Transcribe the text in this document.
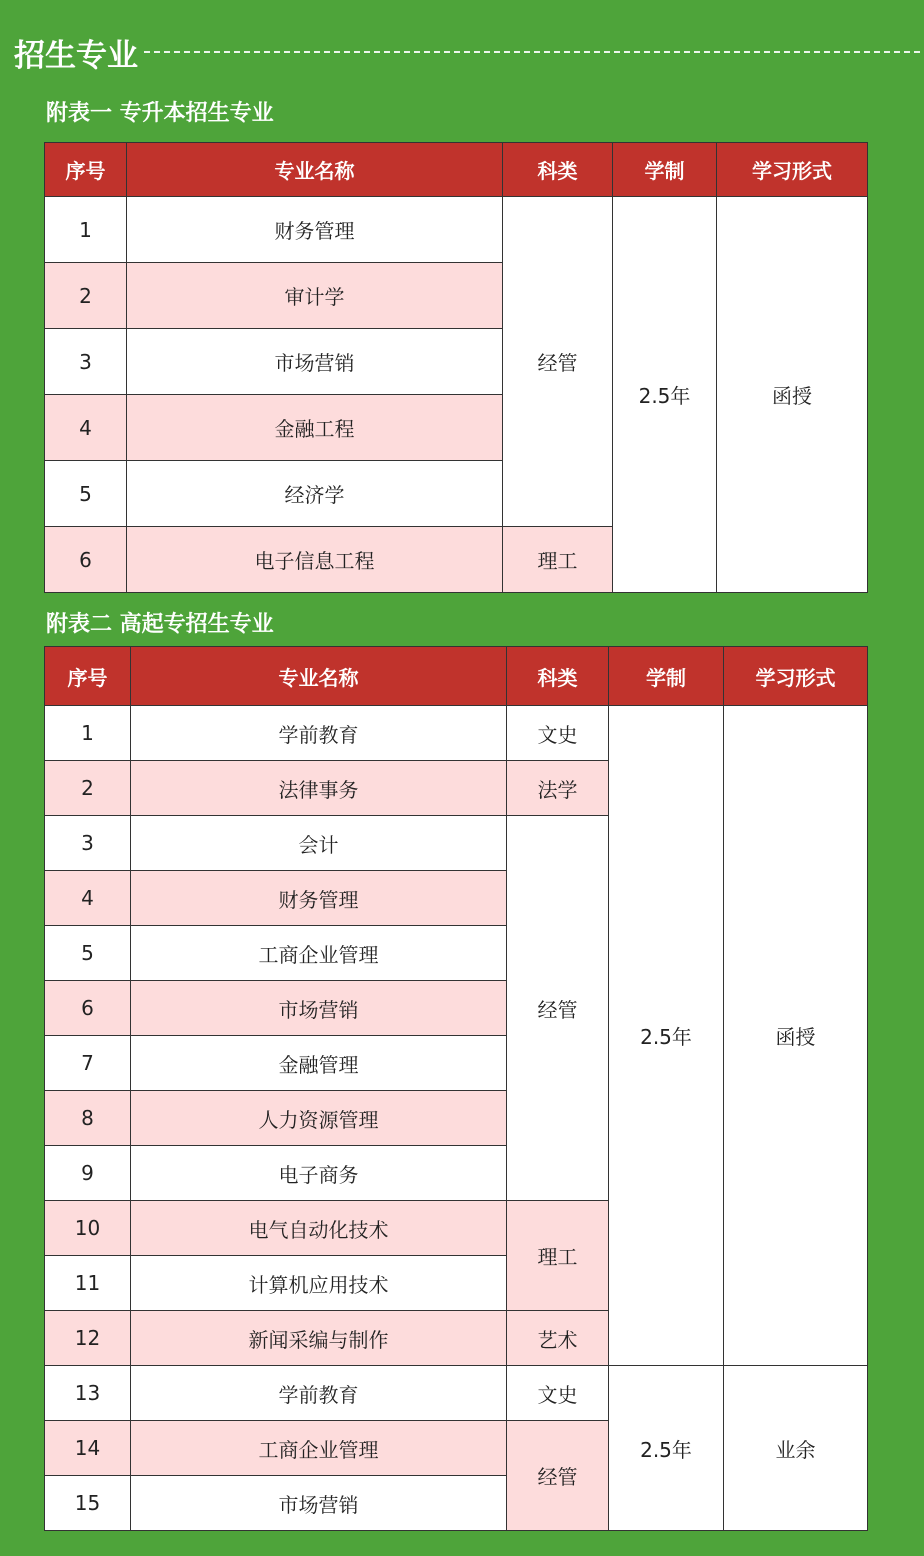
招生专业
附表一 专升本招生专业
序号	专业名称	科类	学制	学习形式
1	财务管理	经管	2.5年	函授
2	审计学			
3	市场营销			
4	金融工程			
5	经济学			
6	电子信息工程	理工		
附表二 高起专招生专业
序号	专业名称	科类	学制	学习形式
1	学前教育	文史	2.5年	函授
2	法律事务	法学		
3	会计	经管		
4	财务管理			
5	工商企业管理			
6	市场营销			
7	金融管理			
8	人力资源管理			
9	电子商务			
10	电气自动化技术	理工		
11	计算机应用技术			
12	新闻采编与制作	艺术		
13	学前教育	文史	2.5年	业余
14	工商企业管理	经管		
15	市场营销			
